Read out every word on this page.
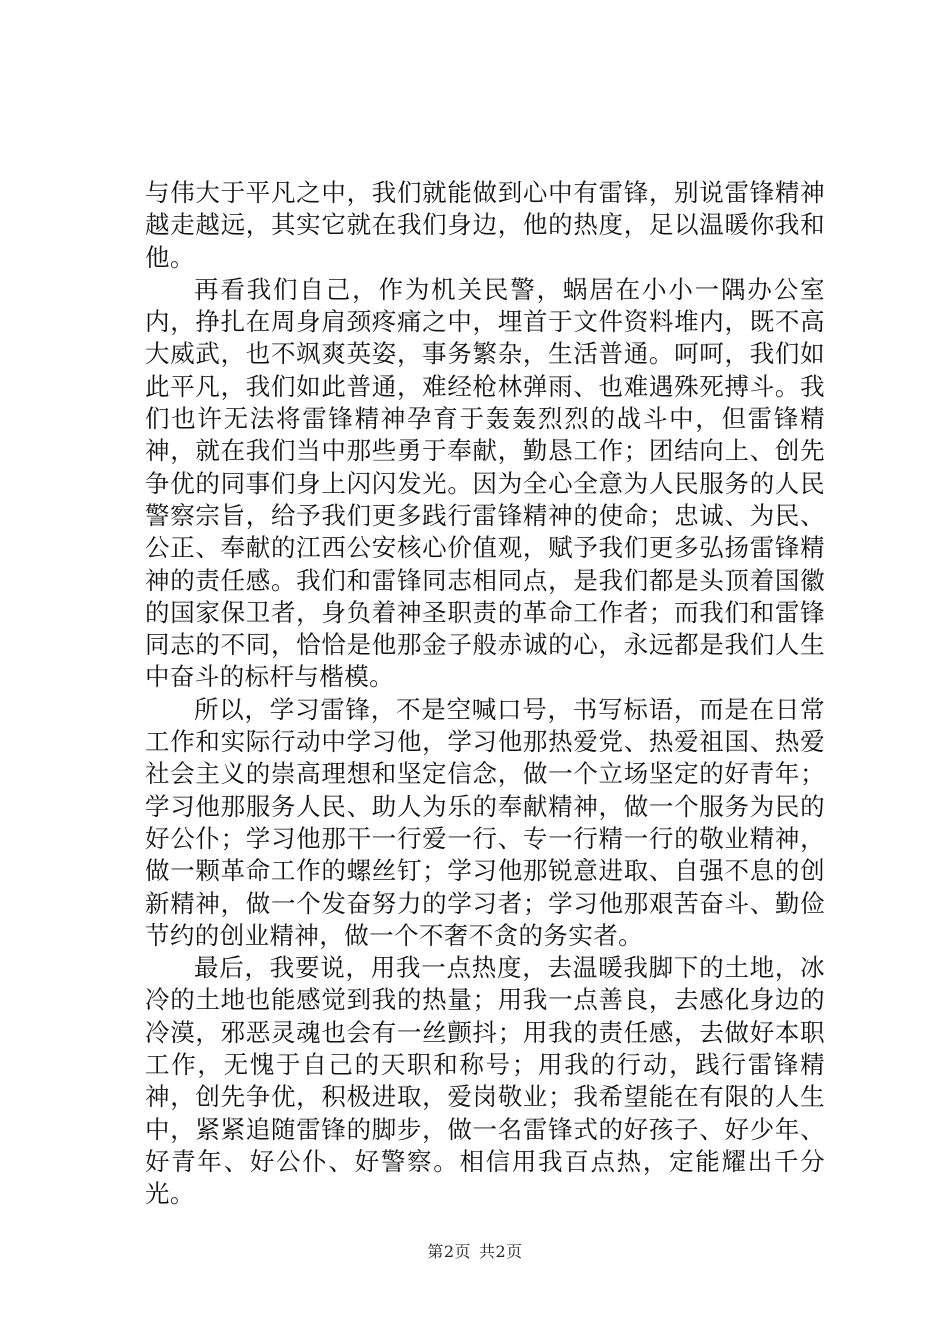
与伟大于平凡之中，我们就能做到心中有雷锋，别说雷锋精神越走越远，其实它就在我们身边，他的热度，足以温暖你我和他。

再看我们自己，作为机关民警，蜗居在小小一隅办公室内，挣扎在周身肩颈疼痛之中，埋首于文件资料堆内，既不高大威武，也不飒爽英姿，事务繁杂，生活普通。呵呵，我们如此平凡，我们如此普通，难经枪林弹雨、也难遇殊死搏斗。我们也许无法将雷锋精神孕育于轰轰烈烈的战斗中，但雷锋精神，就在我们当中那些勇于奉献，勤恳工作；团结向上、创先争优的同事们身上闪闪发光。因为全心全意为人民服务的人民警察宗旨，给予我们更多践行雷锋精神的使命；忠诚、为民、公正、奉献的江西公安核心价值观，赋予我们更多弘扬雷锋精神的责任感。我们和雷锋同志相同点，是我们都是头顶着国徽的国家保卫者，身负着神圣职责的革命工作者；而我们和雷锋同志的不同，恰恰是他那金子般赤诚的心，永远都是我们人生中奋斗的标杆与楷模。

所以，学习雷锋，不是空喊口号，书写标语，而是在日常工作和实际行动中学习他，学习他那热爱党、热爱祖国、热爱社会主义的崇高理想和坚定信念，做一个立场坚定的好青年；学习他那服务人民、助人为乐的奉献精神，做一个服务为民的好公仆；学习他那干一行爱一行、专一行精一行的敬业精神，做一颗革命工作的螺丝钉；学习他那锐意进取、自强不息的创新精神，做一个发奋努力的学习者；学习他那艰苦奋斗、勤俭节约的创业精神，做一个不奢不贪的务实者。

最后，我要说，用我一点热度，去温暖我脚下的土地，冰冷的土地也能感觉到我的热量；用我一点善良，去感化身边的冷漠，邪恶灵魂也会有一丝颤抖；用我的责任感，去做好本职工作，无愧于自己的天职和称号；用我的行动，践行雷锋精神，创先争优，积极进取，爱岗敬业；我希望能在有限的人生中，紧紧追随雷锋的脚步，做一名雷锋式的好孩子、好少年、好青年、好公仆、好警察。相信用我百点热，定能耀出千分光。

第2页 共2页
